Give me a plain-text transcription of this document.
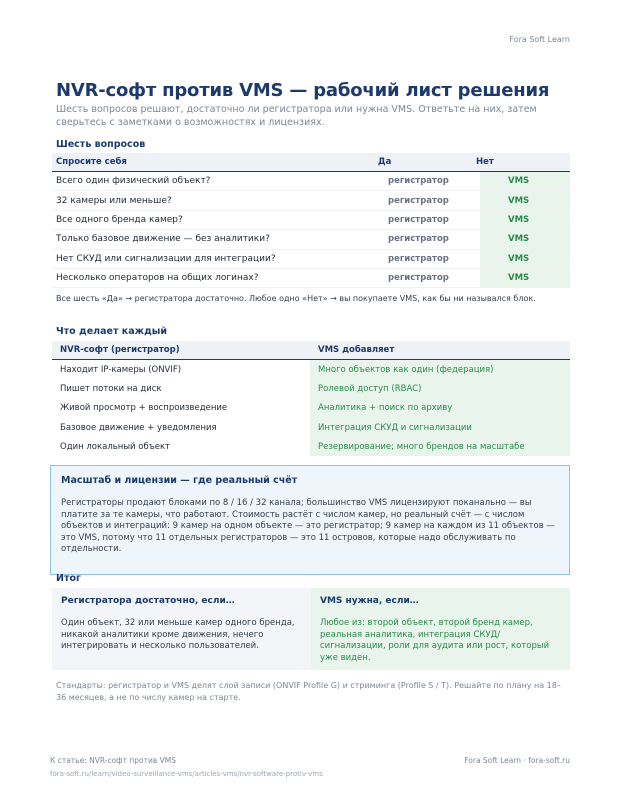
Fora Soft Learn
NVR-софт против VMS — рабочий лист решения

Шесть вопросов решают, достаточно ли регистратора или нужна VMS. Ответьте на них, затем сверьтесь с заметками о возможностях и лицензиях.

Шесть вопросов
Спросите себя	Да	Нет
Всего один физический объект?	регистратор	VMS
32 камеры или меньше?	регистратор	VMS
Все одного бренда камер?	регистратор	VMS
Только базовое движение — без аналитики?	регистратор	VMS
Нет СКУД или сигнализации для интеграции?	регистратор	VMS
Несколько операторов на общих логинах?	регистратор	VMS

Все шесть «Да» → регистратора достаточно. Любое одно «Нет» → вы покупаете VMS, как бы ни назывался блок.

Что делает каждый
NVR-софт (регистратор)	VMS добавляет
Находит IP-камеры (ONVIF)	Много объектов как один (федерация)
Пишет потоки на диск	Ролевой доступ (RBAC)
Живой просмотр + воспроизведение	Аналитика + поиск по архиву
Базовое движение + уведомления	Интеграция СКУД и сигнализации
Один локальный объект	Резервирование; много брендов на масштабе
Масштаб и лицензии — где реальный счёт

Регистраторы продают блоками по 8 / 16 / 32 канала; большинство VMS лицензируют поканально — вы платите за те камеры, что работают. Стоимость растёт с числом камер, но реальный счёт — с числом объектов и интеграций: 9 камер на одном объекте — это регистратор; 9 камер на каждом из 11 объектов — это VMS, потому что 11 отдельных регистраторов — это 11 островов, которые надо обслуживать по отдельности.

Итог
Регистратора достаточно, если…

Один объект, 32 или меньше камер одного бренда, никакой аналитики кроме движения, нечего интегрировать и несколько пользователей.

VMS нужна, если…

Любое из: второй объект, второй бренд камер, реальная аналитика, интеграция СКУД/сигнализации, роли для аудита или рост, который уже виден.

Стандарты: регистратор и VMS делят слой записи (ONVIF Profile G) и стриминга (Profile S / T). Решайте по плану на 18–36 месяцев, а не по числу камер на старте.

К статье: NVR-софт против VMS
fora-soft.ru/learn/video-surveillance-vms/articles-vms/nvr-software-protiv-vms
Fora Soft Learn · fora-soft.ru
